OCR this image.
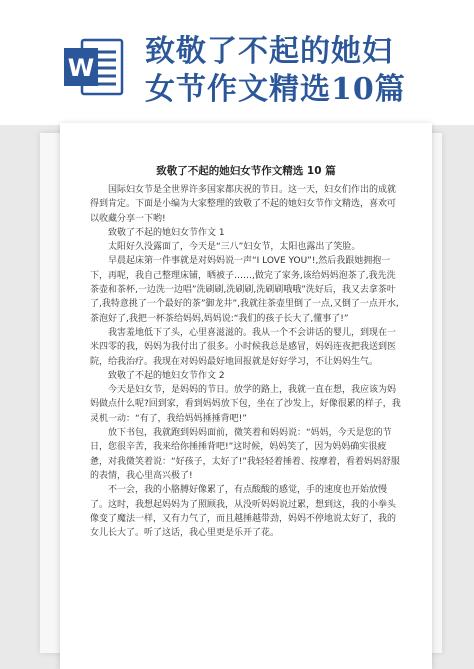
W 致敬了不起的她妇
女节作文精选10篇
致敬了不起的她妇女节作文精选 10 篇

国际妇女节是全世界许多国家都庆祝的节日。这一天，妇女们作出的成就得到肯定。下面是小编为大家整理的致敬了不起的她妇女节作文精选，喜欢可以收藏分享一下哟!

致敬了不起的她妇女节作文 1

太阳好久没露面了，今天是“三八”妇女节，太阳也露出了笑脸。

早晨起床第一件事就是对妈妈说一声“I LOVE YOU”!,然后我跟她拥抱一下，再呢，我自己整理床铺，晒被子……,做完了家务,该给妈妈泡茶了,我先洗茶壶和茶杯,一边洗一边唱”洗刷刷,洗刷刷,洗刷刷哦哦”洗好后，我又去拿茶叶了,我特意挑了一个最好的茶”御龙井”,我就往茶壶里倒了一点,又倒了一点开水,茶泡好了,我把一杯茶给妈妈,妈妈说:“我们的孩子长大了,懂事了!”

我害羞地低下了头，心里喜滋滋的。我从一个不会讲话的婴儿，到现在一米四零的我，妈妈为我付出了很多。小时候我总是感冒，妈妈连夜把我送到医院，给我治疗。我现在对妈妈最好地回报就是好好学习，不让妈妈生气。

致敬了不起的她妇女节作文 2

今天是妇女节，是妈妈的节日。放学的路上，我就一直在想，我应该为妈妈做点什么呢?回到家，看到妈妈放下包，坐在了沙发上，好像很累的样子，我灵机一动：“有了，我给妈妈捶捶背吧!”

放下书包，我就跑到妈妈面前，微笑着和妈妈说：“妈妈，今天是您的节日，您很辛苦，我来给你捶捶背吧!”这时候，妈妈笑了，因为妈妈确实很疲惫，对我微笑着说：“好孩子，太好了!”我轻轻着捶着、按摩着，看着妈妈舒服的表情，我心里高兴极了!

不一会，我的小胳膊好像累了，有点酸酸的感觉，手的速度也开始放慢了。这时，我想起妈妈为了照顾我，从没听妈妈说过累，想到这，我的小拳头像变了魔法一样，又有力气了，而且越捶越带劲，妈妈不停地说太好了，我的女儿长大了。听了这话，我心里更是乐开了花。
